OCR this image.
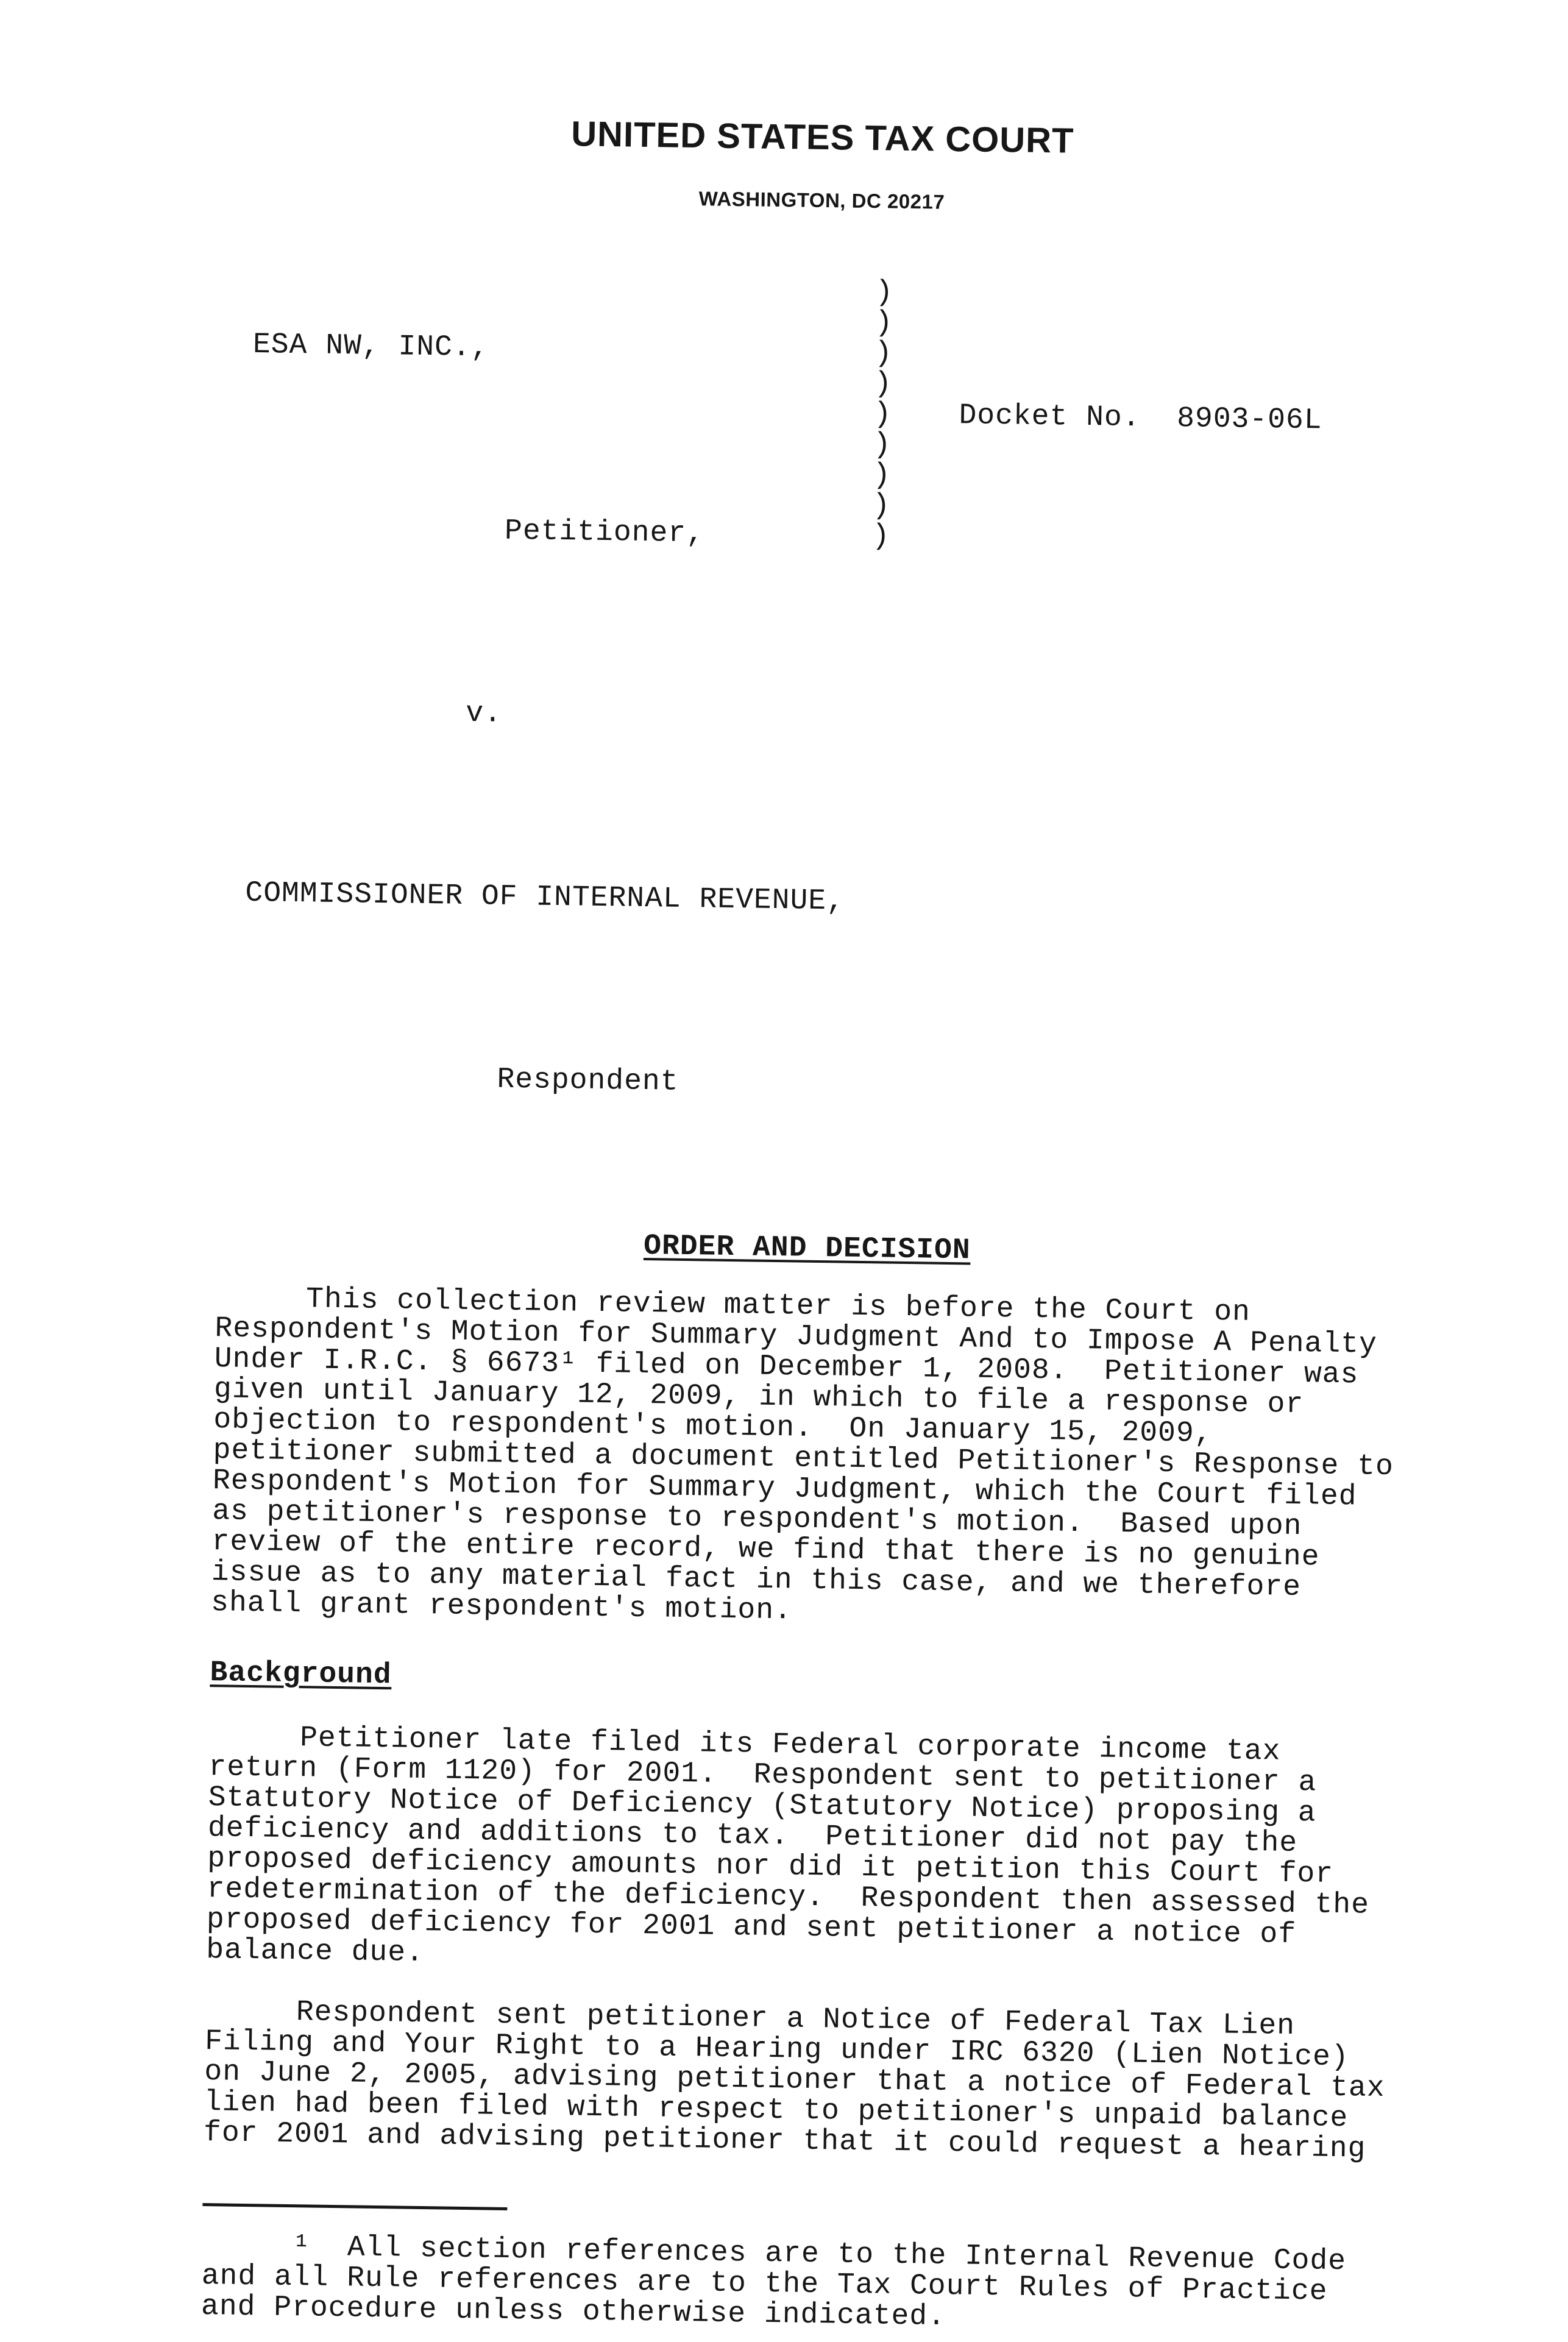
UNITED STATES TAX COURT
WASHINGTON, DC 20217

ESA NW, INC.,

Petitioner,

v.

COMMISSIONER OF INTERNAL REVENUE,

Respondent

)
)
)
)
)
)
)
)
)
Docket No.  8903-06L
ORDER AND DECISION
This collection review matter is before the Court on
Respondent's Motion for Summary Judgment And to Impose A Penalty
Under I.R.C. § 6673¹ filed on December 1, 2008.  Petitioner was
given until January 12, 2009, in which to file a response or
objection to respondent's motion.  On January 15, 2009,
petitioner submitted a document entitled Petitioner's Response to
Respondent's Motion for Summary Judgment, which the Court filed
as petitioner's response to respondent's motion.  Based upon
review of the entire record, we find that there is no genuine
issue as to any material fact in this case, and we therefore
shall grant respondent's motion.
Background
Petitioner late filed its Federal corporate income tax
return (Form 1120) for 2001.  Respondent sent to petitioner a
Statutory Notice of Deficiency (Statutory Notice) proposing a
deficiency and additions to tax.  Petitioner did not pay the
proposed deficiency amounts nor did it petition this Court for
redetermination of the deficiency.  Respondent then assessed the
proposed deficiency for 2001 and sent petitioner a notice of
balance due.
Respondent sent petitioner a Notice of Federal Tax Lien
Filing and Your Right to a Hearing under IRC 6320 (Lien Notice)
on June 2, 2005, advising petitioner that a notice of Federal tax
lien had been filed with respect to petitioner's unpaid balance
for 2001 and advising petitioner that it could request a hearing
¹  All section references are to the Internal Revenue Code
and all Rule references are to the Tax Court Rules of Practice
and Procedure unless otherwise indicated.
